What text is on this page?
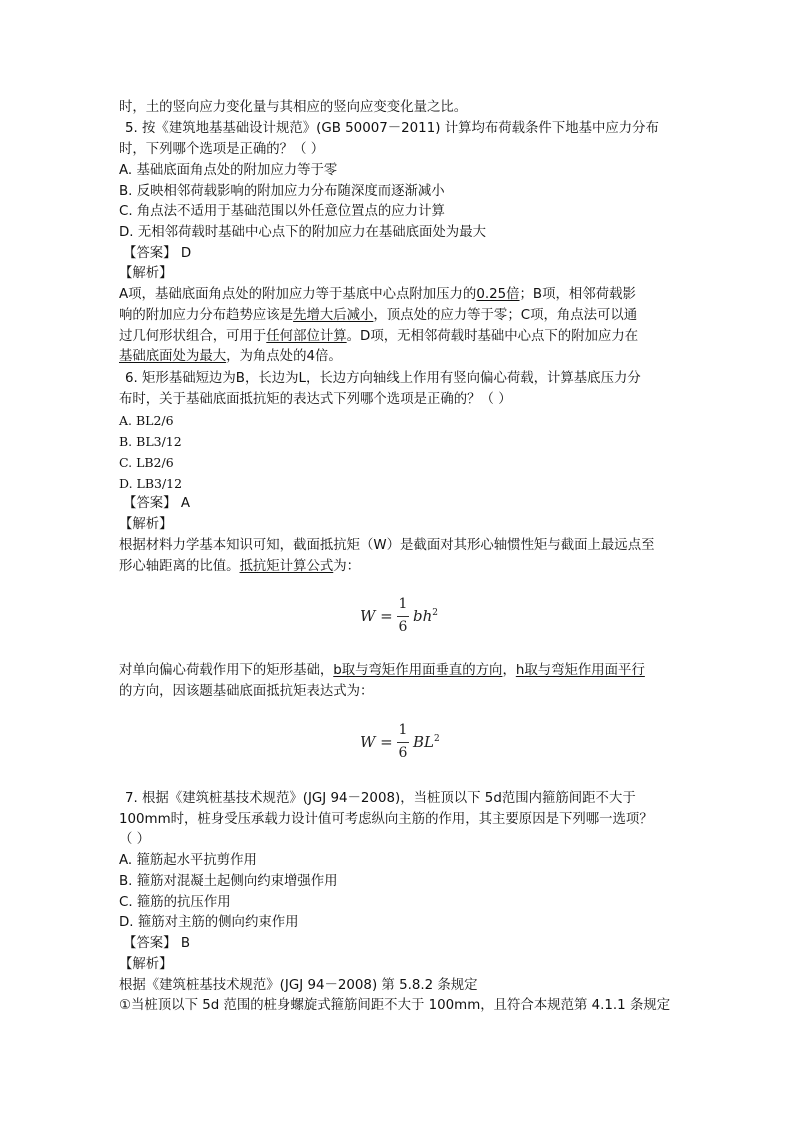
时，土的竖向应力变化量与其相应的竖向应变变化量之比。
5. 按《建筑地基基础设计规范》(GB 50007－2011) 计算均布荷载条件下地基中应力分布
时，下列哪个选项是正确的？（ ）
A. 基础底面角点处的附加应力等于零
B. 反映相邻荷载影响的附加应力分布随深度而逐渐减小
C. 角点法不适用于基础范围以外任意位置点的应力计算
D. 无相邻荷载时基础中心点下的附加应力在基础底面处为最大
【答案】 D
【解析】
A项，基础底面角点处的附加应力等于基底中心点附加压力的0.25倍；B项，相邻荷载影
响的附加应力分布趋势应该是先增大后减小，顶点处的应力等于零；C项，角点法可以通
过几何形状组合，可用于任何部位计算。D项，无相邻荷载时基础中心点下的附加应力在
基础底面处为最大，为角点处的4倍。
6. 矩形基础短边为B，长边为L，长边方向轴线上作用有竖向偏心荷载，计算基底压力分
布时，关于基础底面抵抗矩的表达式下列哪个选项是正确的？（ ）
A. BL2/6
B. BL3/12
C. LB2/6
D. LB3/12
【答案】 A
【解析】
根据材料力学基本知识可知，截面抵抗矩（W）是截面对其形心轴惯性矩与截面上最远点至
形心轴距离的比值。抵抗矩计算公式为：
W =
1
6
$bh^2$
对单向偏心荷载作用下的矩形基础，b取与弯矩作用面垂直的方向，h取与弯矩作用面平行
的方向，因该题基础底面抵抗矩表达式为：
W =
1
6
$BL^2$
7. 根据《建筑桩基技术规范》(JGJ 94－2008)，当桩顶以下 5d范围内箍筋间距不大于
100mm时，桩身受压承载力设计值可考虑纵向主筋的作用，其主要原因是下列哪一选项？
（ ）
A. 箍筋起水平抗剪作用
B. 箍筋对混凝土起侧向约束增强作用
C. 箍筋的抗压作用
D. 箍筋对主筋的侧向约束作用
【答案】 B
【解析】
根据《建筑桩基技术规范》(JGJ 94－2008) 第 5.8.2 条规定
①当桩顶以下 5d 范围的桩身螺旋式箍筋间距不大于 100mm，且符合本规范第 4.1.1 条规定
